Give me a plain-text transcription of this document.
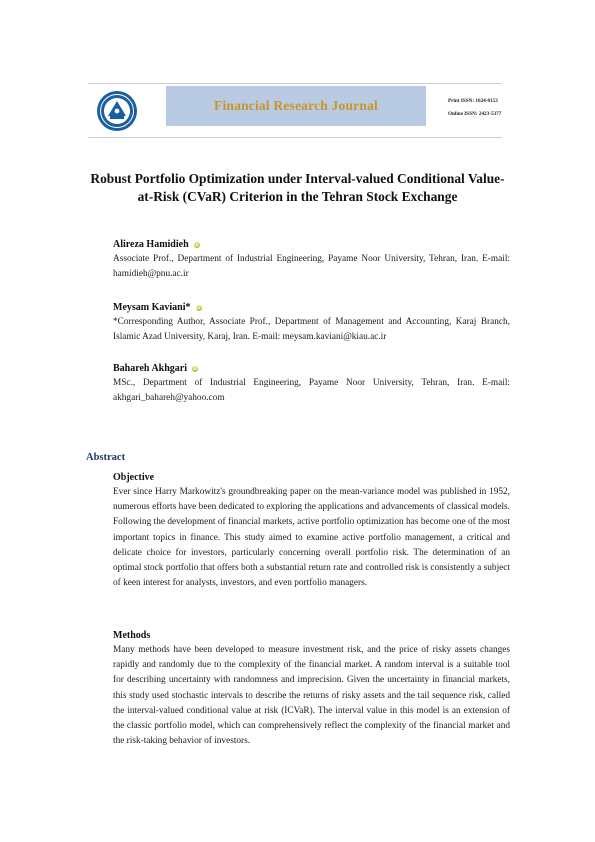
Financial Research Journal	Print ISSN: 1024-8153
Online ISSN: 2423-5377
Robust Portfolio Optimization under Interval-valued Conditional Value-at-Risk (CVaR) Criterion in the Tehran Stock Exchange
Alireza Hamidieh iD
Associate Prof., Department of Industrial Engineering, Payame Noor University, Tehran, Iran. E-mail: hamidieh@pnu.ac.ir
Meysam Kaviani* iD
*Corresponding Author, Associate Prof., Department of Management and Accounting, Karaj Branch, Islamic Azad University, Karaj, Iran. E-mail: meysam.kaviani@kiau.ac.ir
Bahareh Akhgari iD
MSc., Department of Industrial Engineering, Payame Noor University, Tehran, Iran. E-mail: akhgari_bahareh@yahoo.com
Abstract
Objective

Ever since Harry Markowitz's groundbreaking paper on the mean-variance model was published in 1952, numerous efforts have been dedicated to exploring the applications and advancements of classical models. Following the development of financial markets, active portfolio optimization has become one of the most important topics in finance. This study aimed to examine active portfolio management, a critical and delicate choice for investors, particularly concerning overall portfolio risk. The determination of an optimal stock portfolio that offers both a substantial return rate and controlled risk is consistently a subject of keen interest for analysts, investors, and even portfolio managers.

Methods

Many methods have been developed to measure investment risk, and the price of risky assets changes rapidly and randomly due to the complexity of the financial market. A random interval is a suitable tool for describing uncertainty with randomness and imprecision. Given the uncertainty in financial markets, this study used stochastic intervals to describe the returns of risky assets and the tail sequence risk, called the interval-valued conditional value at risk (ICVaR). The interval value in this model is an extension of the classic portfolio model, which can comprehensively reflect the complexity of the financial market and the risk-taking behavior of investors.
